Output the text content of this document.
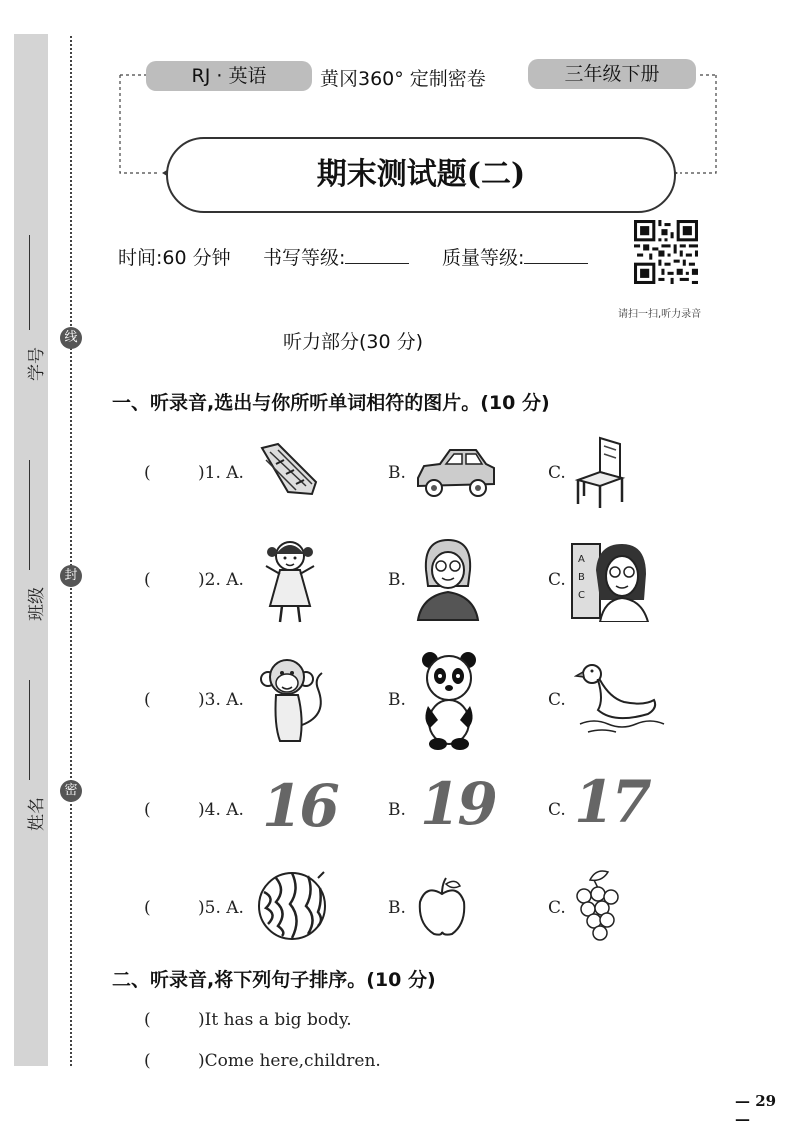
学号
班级
姓名
线
封
密
RJ · 英语	黄冈360° 定制密卷	三年级下册
期末测试题(二)
时间:60 分钟 书写等级:	质量等级:
请扫一扫,听力录音
听力部分(30 分)
一、听录音,选出与你所听单词相符的图片。(10 分)
(	)1. A.	B.	C.
(	)2. A.	B.	C.
A
B
C
(	)3. A.	B.	C.
(	)4. A. 16	B. 19	C. 17
(	)5. A.	B.	C.
二、听录音,将下列句子排序。(10 分)
(	)It has a big body.
(	)Come here,children.
— 29 —
